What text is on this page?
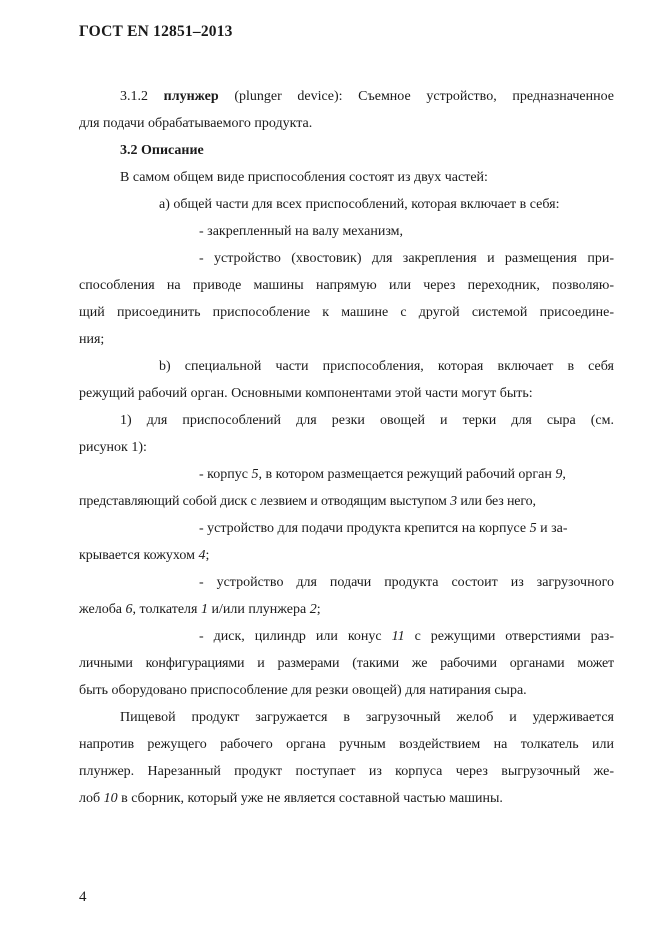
ГОСТ EN 12851–2013

3.1.2 плунжер (plunger device): Съемное устройство, предназначенное

для подачи обрабатываемого продукта.

3.2 Описание

В самом общем виде приспособления состоят из двух частей:

а) общей части для всех приспособлений, которая включает в себя:

- закрепленный на валу механизм,

- устройство (хвостовик) для закрепления и размещения при-

способления на приводе машины напрямую или через переходник, позволяю-

щий присоединить приспособление к машине с другой системой присоедине-

ния;

b) специальной части приспособления, которая включает в себя

режущий рабочий орган. Основными компонентами этой части могут быть:

1) для приспособлений для резки овощей и терки для сыра (см.

рисунок 1):

- корпус 5, в котором размещается режущий рабочий орган 9,

представляющий собой диск с лезвием и отводящим выступом 3 или без него,

- устройство для подачи продукта крепится на корпусе 5 и за-

крывается кожухом 4;

- устройство для подачи продукта состоит из загрузочного

желоба 6, толкателя 1 и/или плунжера 2;

- диск, цилиндр или конус 11 с режущими отверстиями раз-

личными конфигурациями и размерами (такими же рабочими органами может

быть оборудовано приспособление для резки овощей) для натирания сыра.

Пищевой продукт загружается в загрузочный желоб и удерживается

напротив режущего рабочего органа ручным воздействием на толкатель или

плунжер. Нарезанный продукт поступает из корпуса через выгрузочный же-

лоб 10 в сборник, который уже не является составной частью машины.

4
